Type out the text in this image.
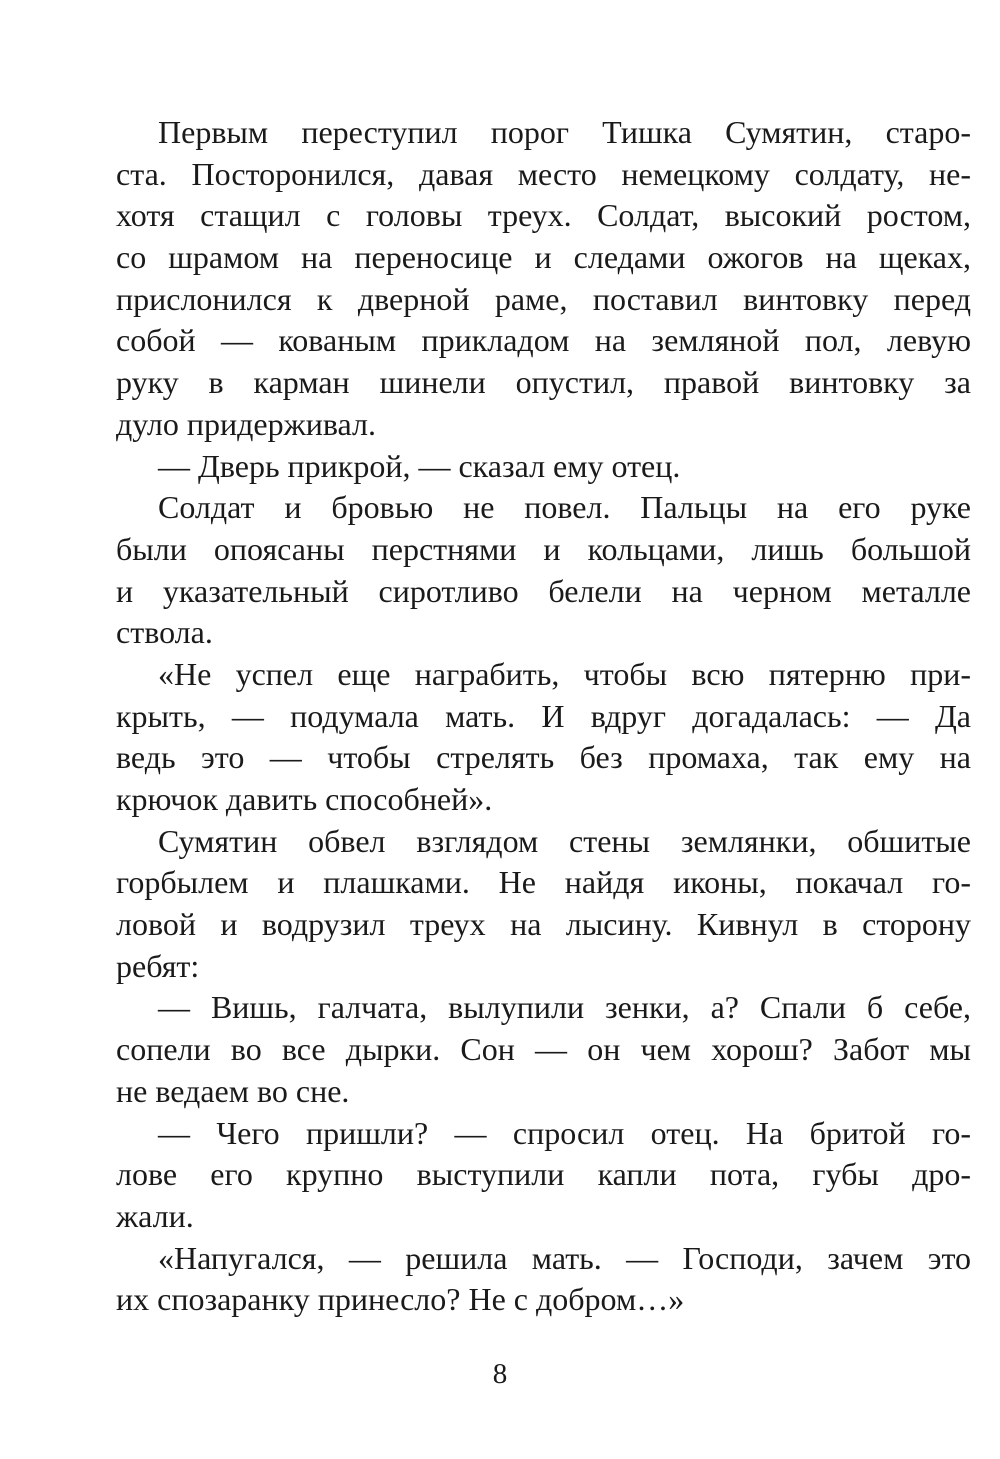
Первым переступил порог Тишка Сумятин, старо-
ста. Посторонился, давая место немецкому солдату, не-
хотя стащил с головы треух. Солдат, высокий ростом,
со шрамом на переносице и следами ожогов на щеках,
прислонился к дверной раме, поставил винтовку перед
собой — кованым прикладом на земляной пол, левую
руку в карман шинели опустил, правой винтовку за
дуло придерживал.
— Дверь прикрой, — сказал ему отец.
Солдат и бровью не повел. Пальцы на его руке
были опоясаны перстнями и кольцами, лишь большой
и указательный сиротливо белели на черном металле
ствола.
«Не успел еще награбить, чтобы всю пятерню при-
крыть, — подумала мать. И вдруг догадалась: — Да
ведь это — чтобы стрелять без промаха, так ему на
крючок давить способней».
Сумятин обвел взглядом стены землянки, обшитые
горбылем и плашками. Не найдя иконы, покачал го-
ловой и водрузил треух на лысину. Кивнул в сторону
ребят:
— Вишь, галчата, вылупили зенки, а? Спали б себе,
сопели во все дырки. Сон — он чем хорош? Забот мы
не ведаем во сне.
— Чего пришли? — спросил отец. На бритой го-
лове его крупно выступили капли пота, губы дро-
жали.
«Напугался, — решила мать. — Господи, зачем это
их спозаранку принесло? Не с добром…»
8
